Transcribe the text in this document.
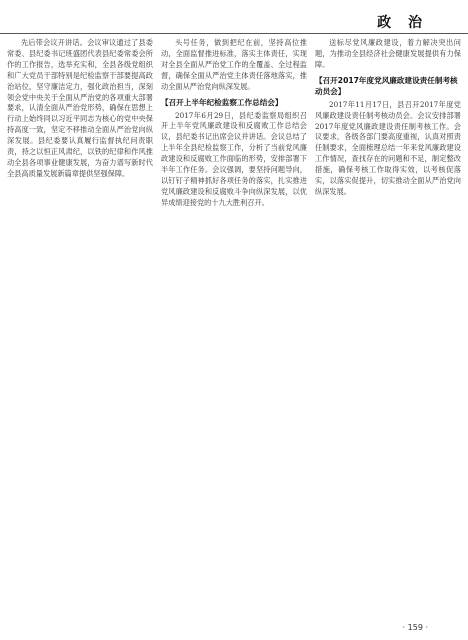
政 治

先后带会议开讲话。会议审议通过了县委常委、县纪委书记班盛团代表县纪委常委会所作的工作报告，选举充实和，全县各级党组织和广大党员干部特别是纪检监察干部要提高政治站位，坚守廉洁定力，强化政治担当，深刻领会党中央关于全面从严治党的各项重大部署要求，认清全面从严治党形势，确保在思想上行动上始终同以习近平同志为核心的党中央保持高度一致，坚定不移推动全面从严治党向纵深发展。县纪委要认真履行监督执纪问责职责，持之以恒正风肃纪，以铁的纪律和作风推动全县各项事业健康发展，为奋力谱写新时代全县高质量发展新篇章提供坚强保障。

头号任务，做到把纪在前，坚持高位推动，全面监督推进标准，落实主体责任，实现对全县全面从严治党工作的全覆盖、全过程监督，确保全面从严治党主体责任落地落实，推动全面从严治党向纵深发展。

【召开上半年纪检监察工作总结会】

2017年6月29日，县纪委监察局组织召开上半年党风廉政建设和反腐败工作总结会议，县纪委书记出席会议并讲话。会议总结了上半年全县纪检监察工作，分析了当前党风廉政建设和反腐败工作面临的形势，安排部署下半年工作任务。会议强调，要坚持问题导向，以钉钉子精神抓好各项任务的落实，扎实推进党风廉政建设和反腐败斗争向纵深发展，以优异成绩迎接党的十九大胜利召开。

送标尽党风廉政建设，着力解决突出问题，为推动全县经济社会健康发展提供有力保障。

【召开2017年度党风廉政建设责任制考核动员会】

2017年11月17日，县召开2017年度党风廉政建设责任制考核动员会。会议安排部署2017年度党风廉政建设责任制考核工作。会议要求，各级各部门要高度重视，认真对照责任制要求，全面梳理总结一年来党风廉政建设工作情况，查找存在的问题和不足，制定整改措施，确保考核工作取得实效，以考核促落实，以落实促提升，切实推动全面从严治党向纵深发展。

· 159 ·
